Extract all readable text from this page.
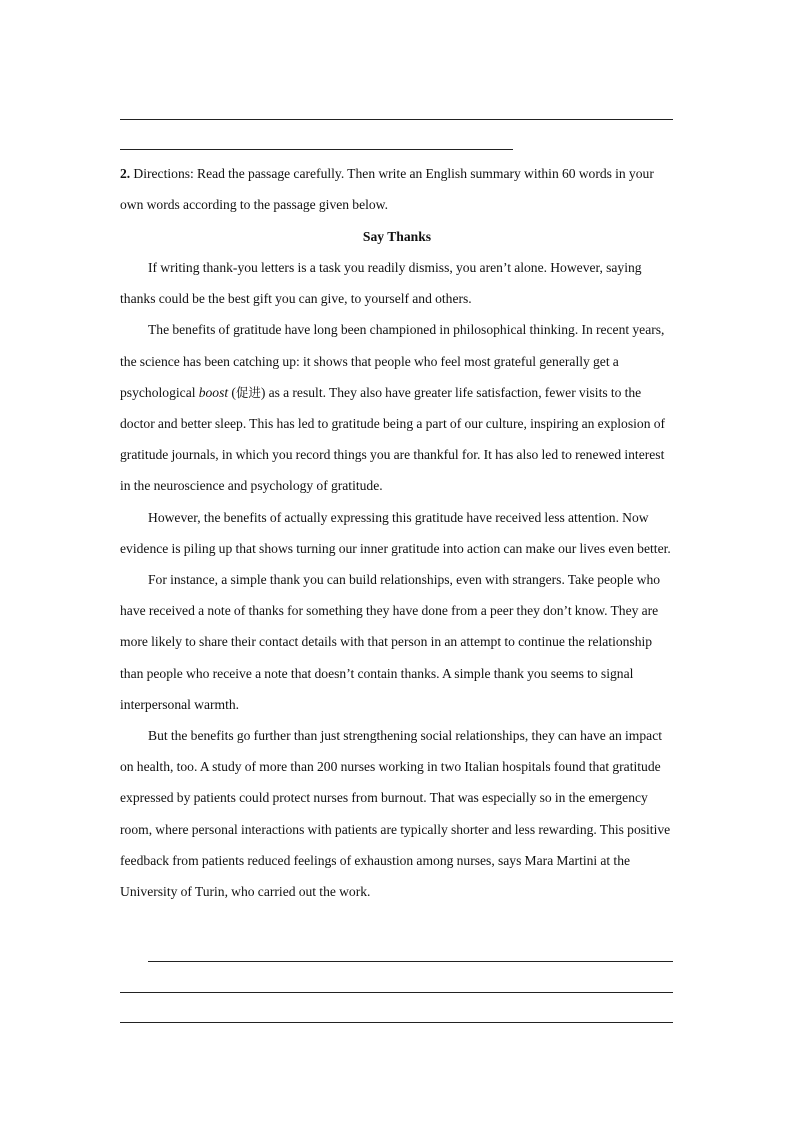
2. Directions: Read the passage carefully. Then write an English summary within 60 words in your own words according to the passage given below.
Say Thanks

If writing thank-you letters is a task you readily dismiss, you aren’t alone. However, saying thanks could be the best gift you can give, to yourself and others.

The benefits of gratitude have long been championed in philosophical thinking. In recent years, the science has been catching up: it shows that people who feel most grateful generally get a psychological boost (促进) as a result. They also have greater life satisfaction, fewer visits to the doctor and better sleep. This has led to gratitude being a part of our culture, inspiring an explosion of gratitude journals, in which you record things you are thankful for. It has also led to renewed interest in the neuroscience and psychology of gratitude.

However, the benefits of actually expressing this gratitude have received less attention. Now evidence is piling up that shows turning our inner gratitude into action can make our lives even better.

For instance, a simple thank you can build relationships, even with strangers. Take people who have received a note of thanks for something they have done from a peer they don’t know. They are more likely to share their contact details with that person in an attempt to continue the relationship than people who receive a note that doesn’t contain thanks. A simple thank you seems to signal interpersonal warmth.

But the benefits go further than just strengthening social relationships, they can have an impact on health, too. A study of more than 200 nurses working in two Italian hospitals found that gratitude expressed by patients could protect nurses from burnout. That was especially so in the emergency room, where personal interactions with patients are typically shorter and less rewarding. This positive feedback from patients reduced feelings of exhaustion among nurses, says Mara Martini at the University of Turin, who carried out the work.
